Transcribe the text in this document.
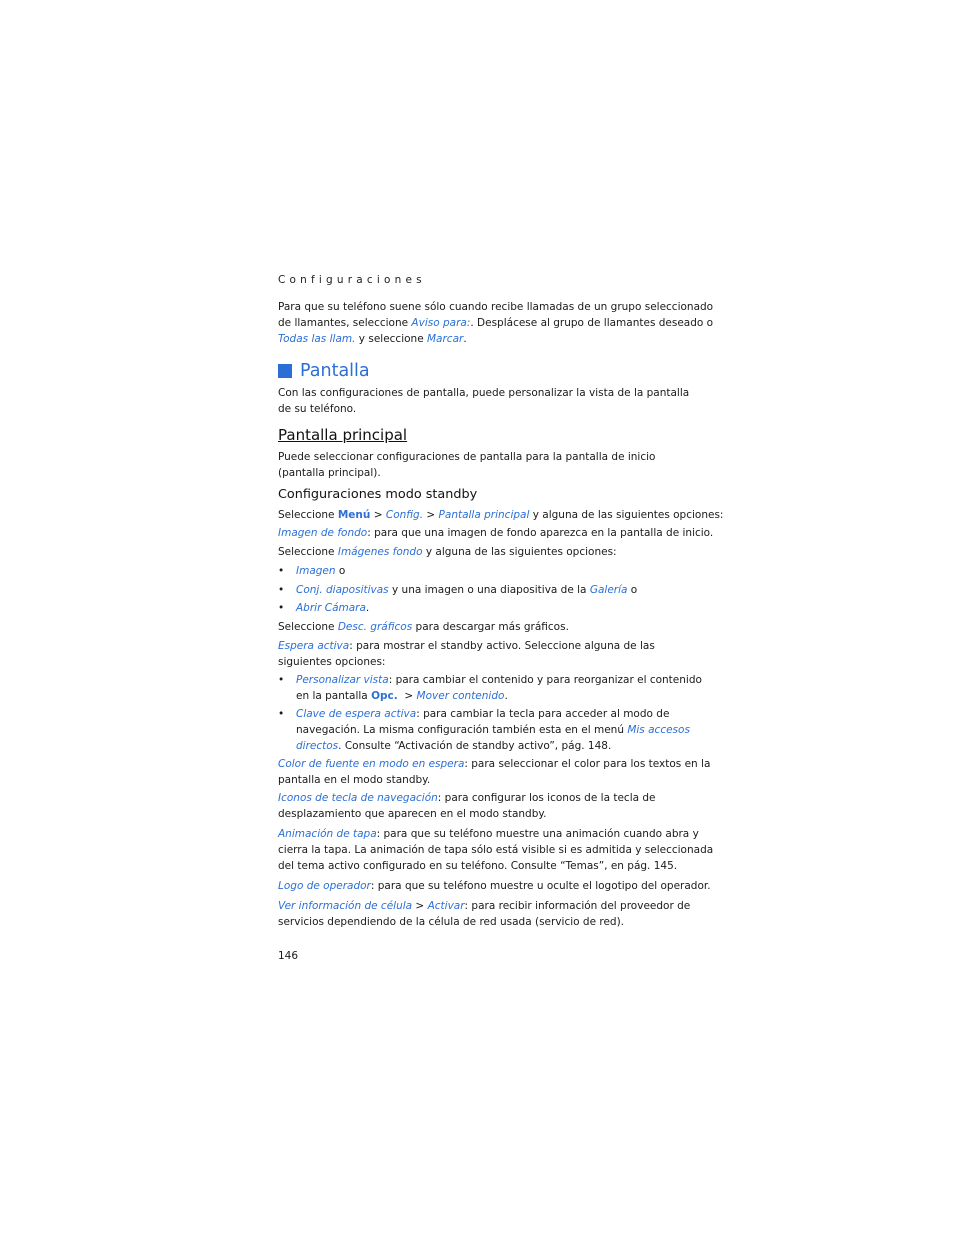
Configuraciones

Para que su teléfono suene sólo cuando recibe llamadas de un grupo seleccionado

de llamantes, seleccione Aviso para:. Desplácese al grupo de llamantes deseado o

Todas las llam. y seleccione Marcar.

Pantalla

Con las configuraciones de pantalla, puede personalizar la vista de la pantalla

de su teléfono.

Pantalla principal

Puede seleccionar configuraciones de pantalla para la pantalla de inicio

(pantalla principal).

Configuraciones modo standby

Seleccione Menú > Config. > Pantalla principal y alguna de las siguientes opciones:

Imagen de fondo: para que una imagen de fondo aparezca en la pantalla de inicio.

Seleccione Imágenes fondo y alguna de las siguientes opciones:

• Imagen o

• Conj. diapositivas y una imagen o una diapositiva de la Galería o

• Abrir Cámara.

Seleccione Desc. gráficos para descargar más gráficos.

Espera activa: para mostrar el standby activo. Seleccione alguna de las

siguientes opciones:

• Personalizar vista: para cambiar el contenido y para reorganizar el contenido

en la pantalla Opc.  > Mover contenido.

• Clave de espera activa: para cambiar la tecla para acceder al modo de

navegación. La misma configuración también esta en el menú Mis accesos

directos. Consulte “Activación de standby activo”, pág. 148.

Color de fuente en modo en espera: para seleccionar el color para los textos en la

pantalla en el modo standby.

Iconos de tecla de navegación: para configurar los iconos de la tecla de

desplazamiento que aparecen en el modo standby.

Animación de tapa: para que su teléfono muestre una animación cuando abra y

cierra la tapa. La animación de tapa sólo está visible si es admitida y seleccionada

del tema activo configurado en su teléfono. Consulte “Temas”, en pág. 145.

Logo de operador: para que su teléfono muestre u oculte el logotipo del operador.

Ver información de célula > Activar: para recibir información del proveedor de

servicios dependiendo de la célula de red usada (servicio de red).

146
